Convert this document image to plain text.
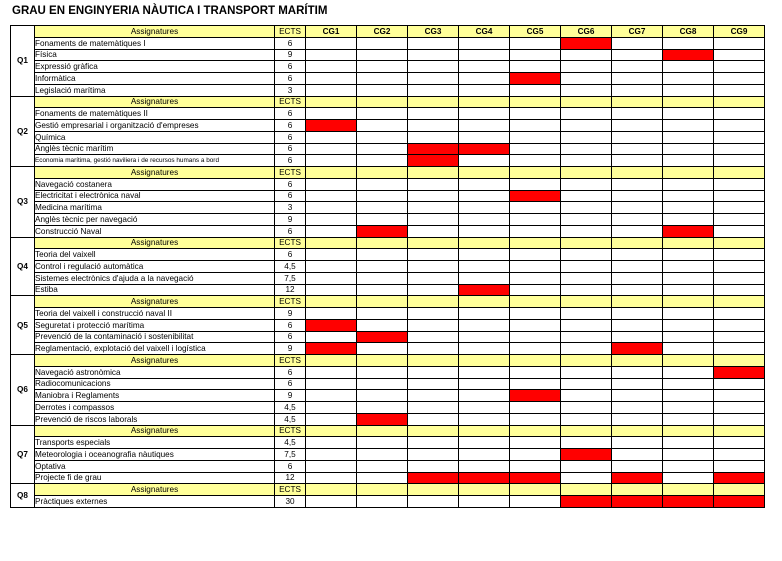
GRAU EN ENGINYERIA NÀUTICA I TRANSPORT MARÍTIM
Q1	Assignatures	ECTS	CG1	CG2	CG3	CG4	CG5	CG6	CG7	CG8	CG9
	Fonaments de matemàtiques I	6									
	Física	9									
	Expressió gràfica	6									
	Informàtica	6									
	Legislació marítima	3									
Q2	Assignatures	ECTS									
	Fonaments de matemàtiques II	6									
	Gestió empresarial i organització d'empreses	6									
	Química	6									
	Anglès tècnic marítim	6									
	Economia marítima, gestió naviliera i de recursos humans a bord	6									
Q3	Assignatures	ECTS									
	Navegació costanera	6									
	Electricitat i electrònica naval	6									
	Medicina marítima	3									
	Anglès tècnic per navegació	9									
	Construcció Naval	6									
Q4	Assignatures	ECTS									
	Teoria del vaixell	6									
	Control i regulació automàtica	4,5									
	Sistemes electrònics d'ajuda a la navegació	7,5									
	Estiba	12									
Q5	Assignatures	ECTS									
	Teoria del vaixell i construcció naval II	9									
	Seguretat i protecció marítima	6									
	Prevenció de la contaminació i sostenibilitat	6									
	Reglamentació, explotació del vaixell i logística	9									
Q6	Assignatures	ECTS									
	Navegació astronòmica	6									
	Radiocomunicacions	6									
	Maniobra i Reglaments	9									
	Derrotes i compassos	4,5									
	Prevenció de riscos laborals	4,5									
Q7	Assignatures	ECTS									
	Transports especials	4,5									
	Meteorologia i oceanografia nàutiques	7,5									
	Optativa	6									
	Projecte fi de grau	12									
Q8	Assignatures	ECTS									
	Pràctiques externes	30									
